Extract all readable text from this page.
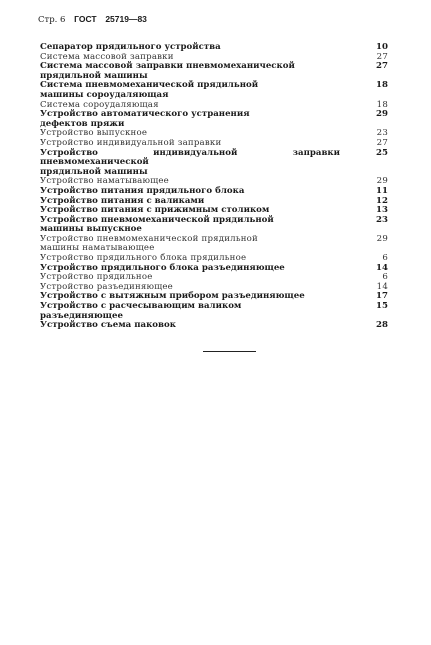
Стр. 6 ГОСТ 25719—83
Сепаратор прядильного устройства	10
Система массовой заправки	27
Система массовой заправки пневмомеханической
прядильной машины
27
Система пневмомеханической прядильной
машины сороудаляющая
18
Система сороудаляющая	18
Устройство автоматического устранения
дефектов пряжи
29
Устройство выпускное	23
Устройство индивидуальной заправки	27
Устройство индивидуальной заправки пневмомеханической
прядильной машины
25
Устройство наматывающее	29
Устройство питания прядильного блока	11
Устройство питания с валиками	12
Устройство питания с прижимным столиком	13
Устройство пневмомеханической прядильной
машины выпускное
23
Устройство пневмомеханической прядильной
машины наматывающее
29
Устройство прядильного блока прядильное	6
Устройство прядильного блока разъединяющее	14
Устройство прядильное	6
Устройство разъединяющее	14
Устройство с вытяжным прибором разъединяющее	17
Устройство с расчесывающим валиком
разъединяющее
15
Устройство съема паковок	28
